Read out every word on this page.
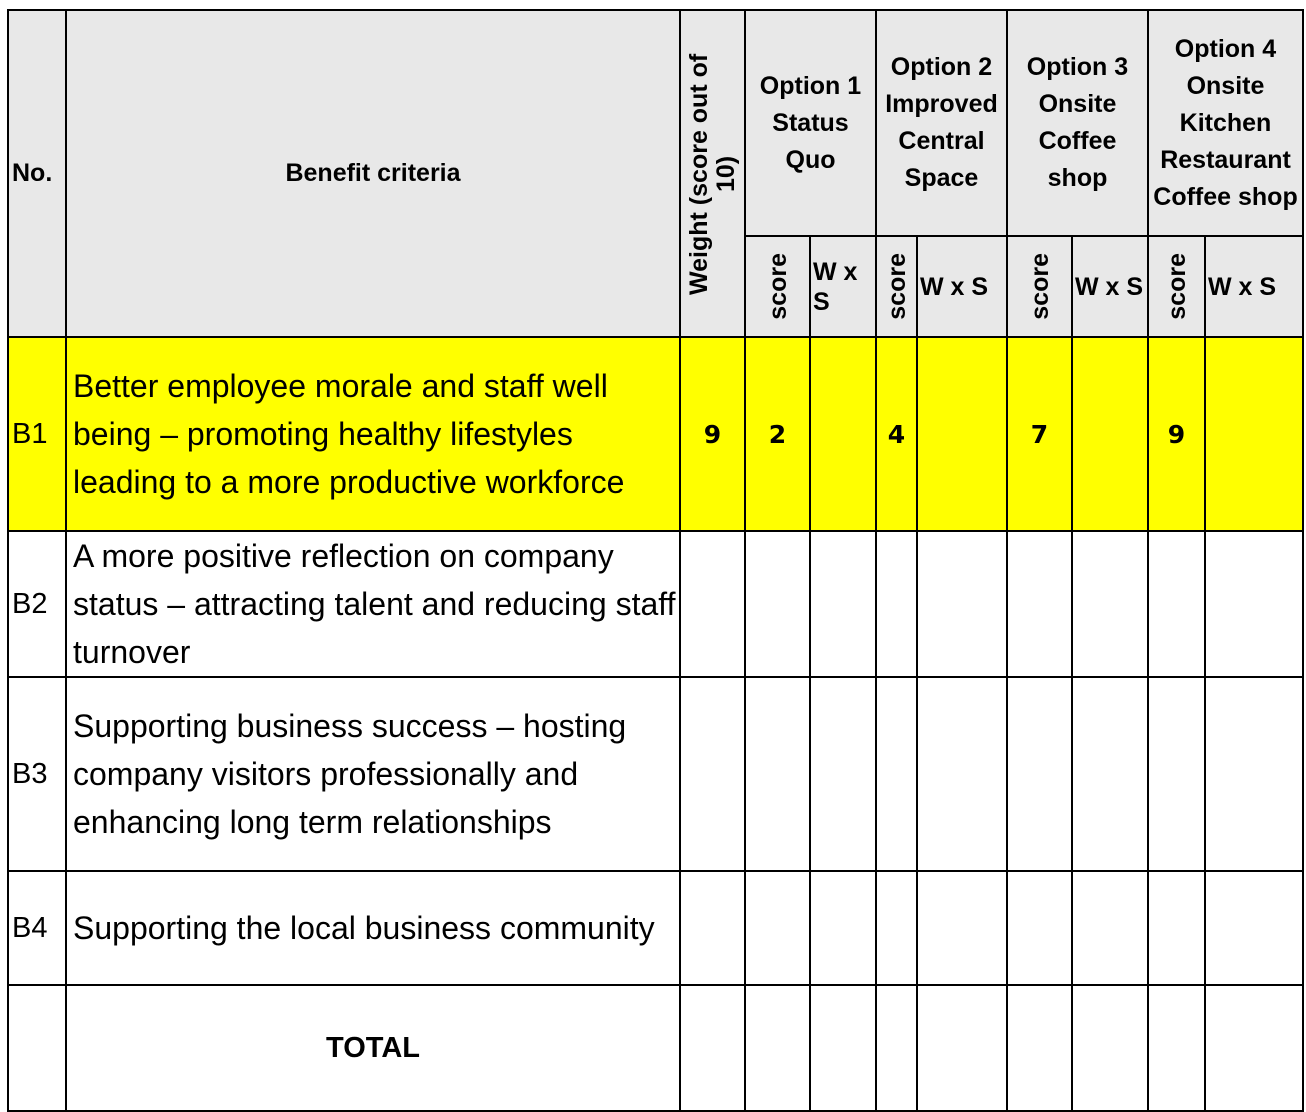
No.	Benefit criteria	Weight (score out of 10)	Option 1 Status Quo		Option 2 Improved Central Space		Option 3 Onsite Coffee shop		Option 4 Onsite Kitchen Restaurant Coffee shop	

			score	W x S	score	W x S	score	W x S	score	W x S
B1	Better employee morale and staff well being – promoting healthy lifestyles leading to a more productive workforce	9	2		4		7		9	
B2	A more positive reflection on company status – attracting talent and reducing staff turnover									
B3	Supporting business success – hosting company visitors professionally and enhancing long term relationships									
B4	Supporting the local business community									
	TOTAL									
